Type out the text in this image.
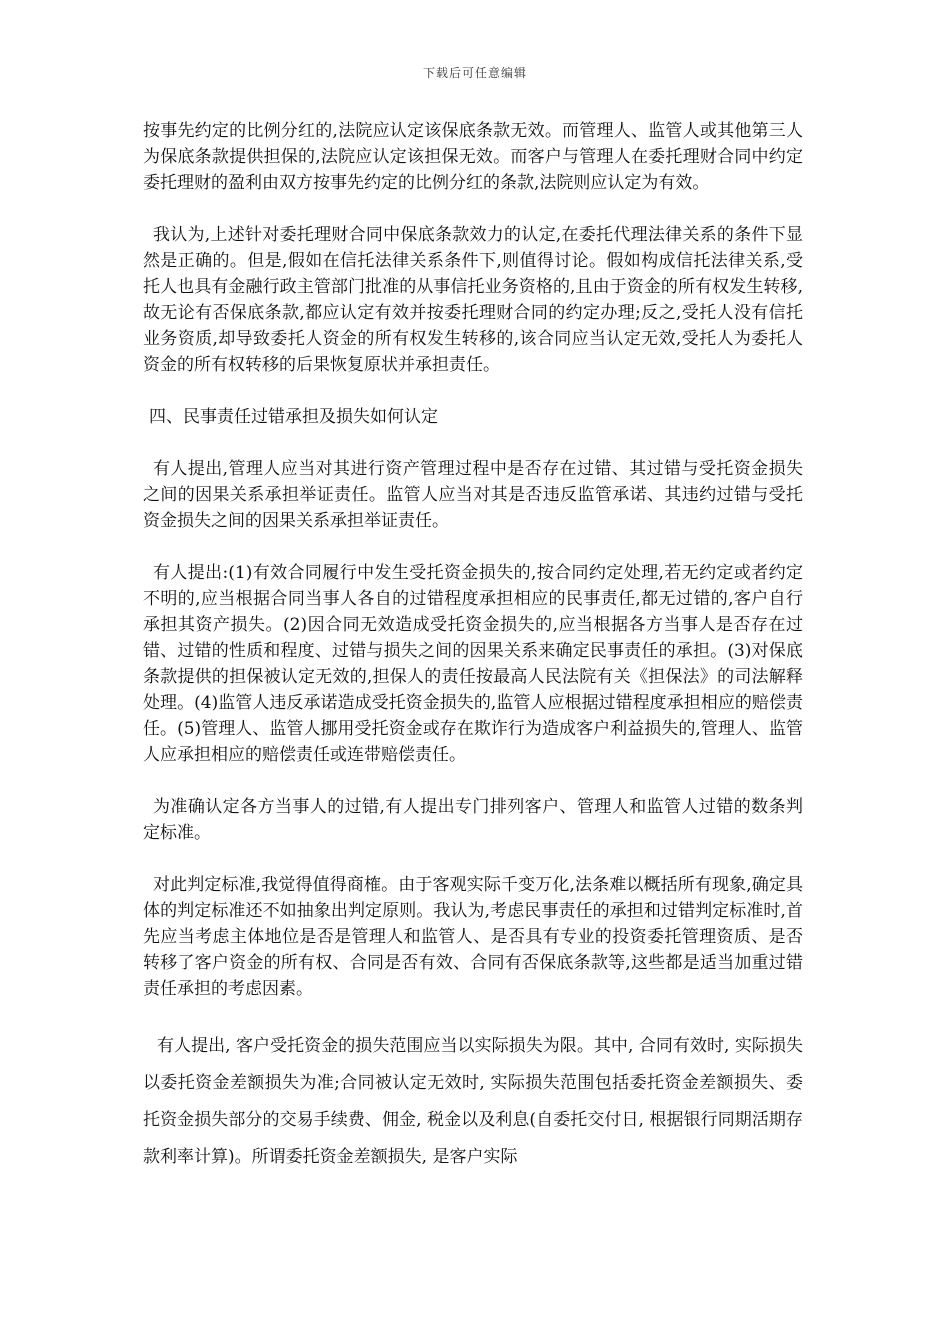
下载后可任意编辑

按事先约定的比例分红的,法院应认定该保底条款无效。而管理人、监管人或其他第三人为保底条款提供担保的,法院应认定该担保无效。而客户与管理人在委托理财合同中约定委托理财的盈利由双方按事先约定的比例分红的条款,法院则应认定为有效。

我认为,上述针对委托理财合同中保底条款效力的认定,在委托代理法律关系的条件下显然是正确的。但是,假如在信托法律关系条件下,则值得讨论。假如构成信托法律关系,受托人也具有金融行政主管部门批准的从事信托业务资格的,且由于资金的所有权发生转移,故无论有否保底条款,都应认定有效并按委托理财合同的约定办理;反之,受托人没有信托业务资质,却导致委托人资金的所有权发生转移的,该合同应当认定无效,受托人为委托人资金的所有权转移的后果恢复原状并承担责任。

四、民事责任过错承担及损失如何认定

有人提出,管理人应当对其进行资产管理过程中是否存在过错、其过错与受托资金损失之间的因果关系承担举证责任。监管人应当对其是否违反监管承诺、其违约过错与受托资金损失之间的因果关系承担举证责任。

有人提出:(1)有效合同履行中发生受托资金损失的,按合同约定处理,若无约定或者约定不明的,应当根据合同当事人各自的过错程度承担相应的民事责任,都无过错的,客户自行承担其资产损失。(2)因合同无效造成受托资金损失的,应当根据各方当事人是否存在过错、过错的性质和程度、过错与损失之间的因果关系来确定民事责任的承担。(3)对保底条款提供的担保被认定无效的,担保人的责任按最高人民法院有关《担保法》的司法解释处理。(4)监管人违反承诺造成受托资金损失的,监管人应根据过错程度承担相应的赔偿责任。(5)管理人、监管人挪用受托资金或存在欺诈行为造成客户利益损失的,管理人、监管人应承担相应的赔偿责任或连带赔偿责任。

为准确认定各方当事人的过错,有人提出专门排列客户、管理人和监管人过错的数条判定标准。

对此判定标准,我觉得值得商榷。由于客观实际千变万化,法条难以概括所有现象,确定具体的判定标准还不如抽象出判定原则。我认为,考虑民事责任的承担和过错判定标准时,首先应当考虑主体地位是否是管理人和监管人、是否具有专业的投资委托管理资质、是否转移了客户资金的所有权、合同是否有效、合同有否保底条款等,这些都是适当加重过错责任承担的考虑因素。

有人提出, 客户受托资金的损失范围应当以实际损失为限。其中, 合同有效时, 实际损失以委托资金差额损失为准;合同被认定无效时, 实际损失范围包括委托资金差额损失、委托资金损失部分的交易手续费、佣金, 税金以及利息(自委托交付日, 根据银行同期活期存款利率计算)。所谓委托资金差额损失, 是客户实际
